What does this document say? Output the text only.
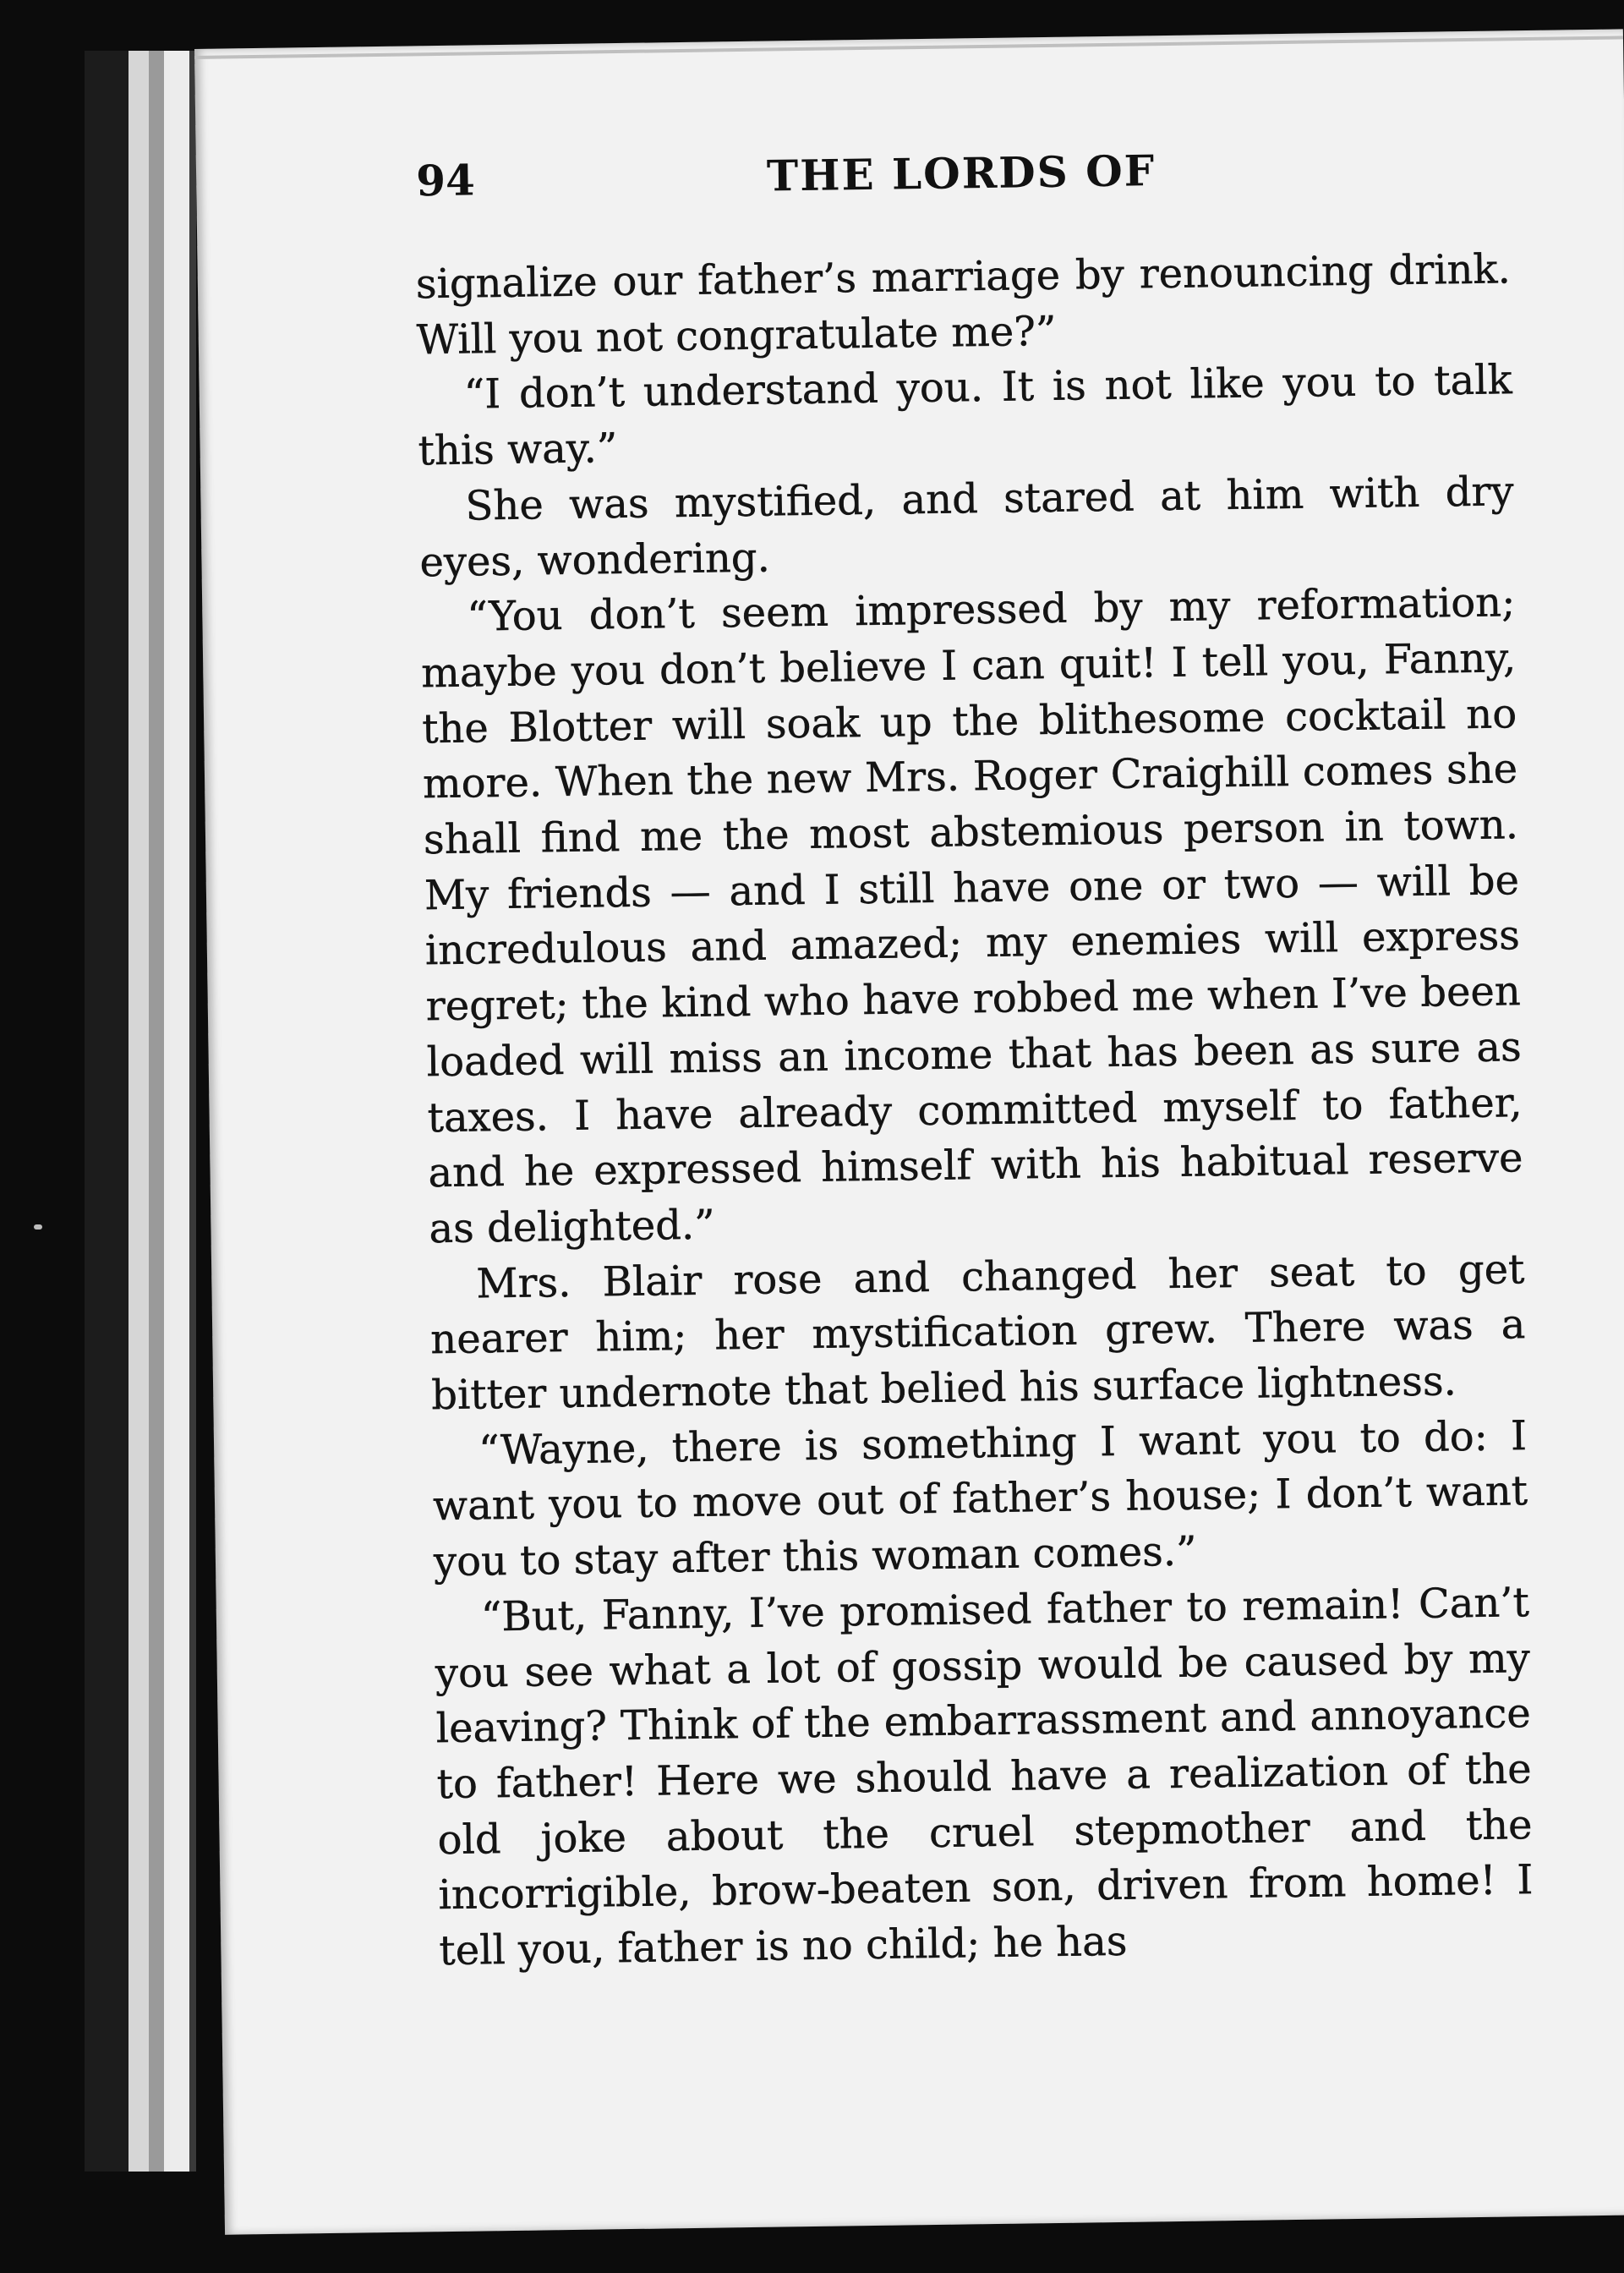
94	THE LORDS OF

signalize our father’s marriage by renouncing drink. Will you not congratulate me?”

“I don’t understand you. It is not like you to talk this way.”

She was mystified, and stared at him with dry eyes, wondering.

“You don’t seem impressed by my reformation; maybe you don’t believe I can quit! I tell you, Fanny, the Blotter will soak up the blithesome cocktail no more. When the new Mrs. Roger Craighill comes she shall find me the most abstemious person in town. My friends — and I still have one or two — will be incredulous and amazed; my enemies will express regret; the kind who have robbed me when I’ve been loaded will miss an income that has been as sure as taxes. I have already committed myself to father, and he expressed himself with his habitual reserve as delighted.”

Mrs. Blair rose and changed her seat to get nearer him; her mystification grew. There was a bitter undernote that belied his surface lightness.

“Wayne, there is something I want you to do: I want you to move out of father’s house; I don’t want you to stay after this woman comes.”

“But, Fanny, I’ve promised father to remain! Can’t you see what a lot of gossip would be caused by my leaving? Think of the embarrassment and annoyance to father! Here we should have a realization of the old joke about the cruel stepmother and the incorrigible, brow-beaten son, driven from home! I tell you, father is no child; he has
